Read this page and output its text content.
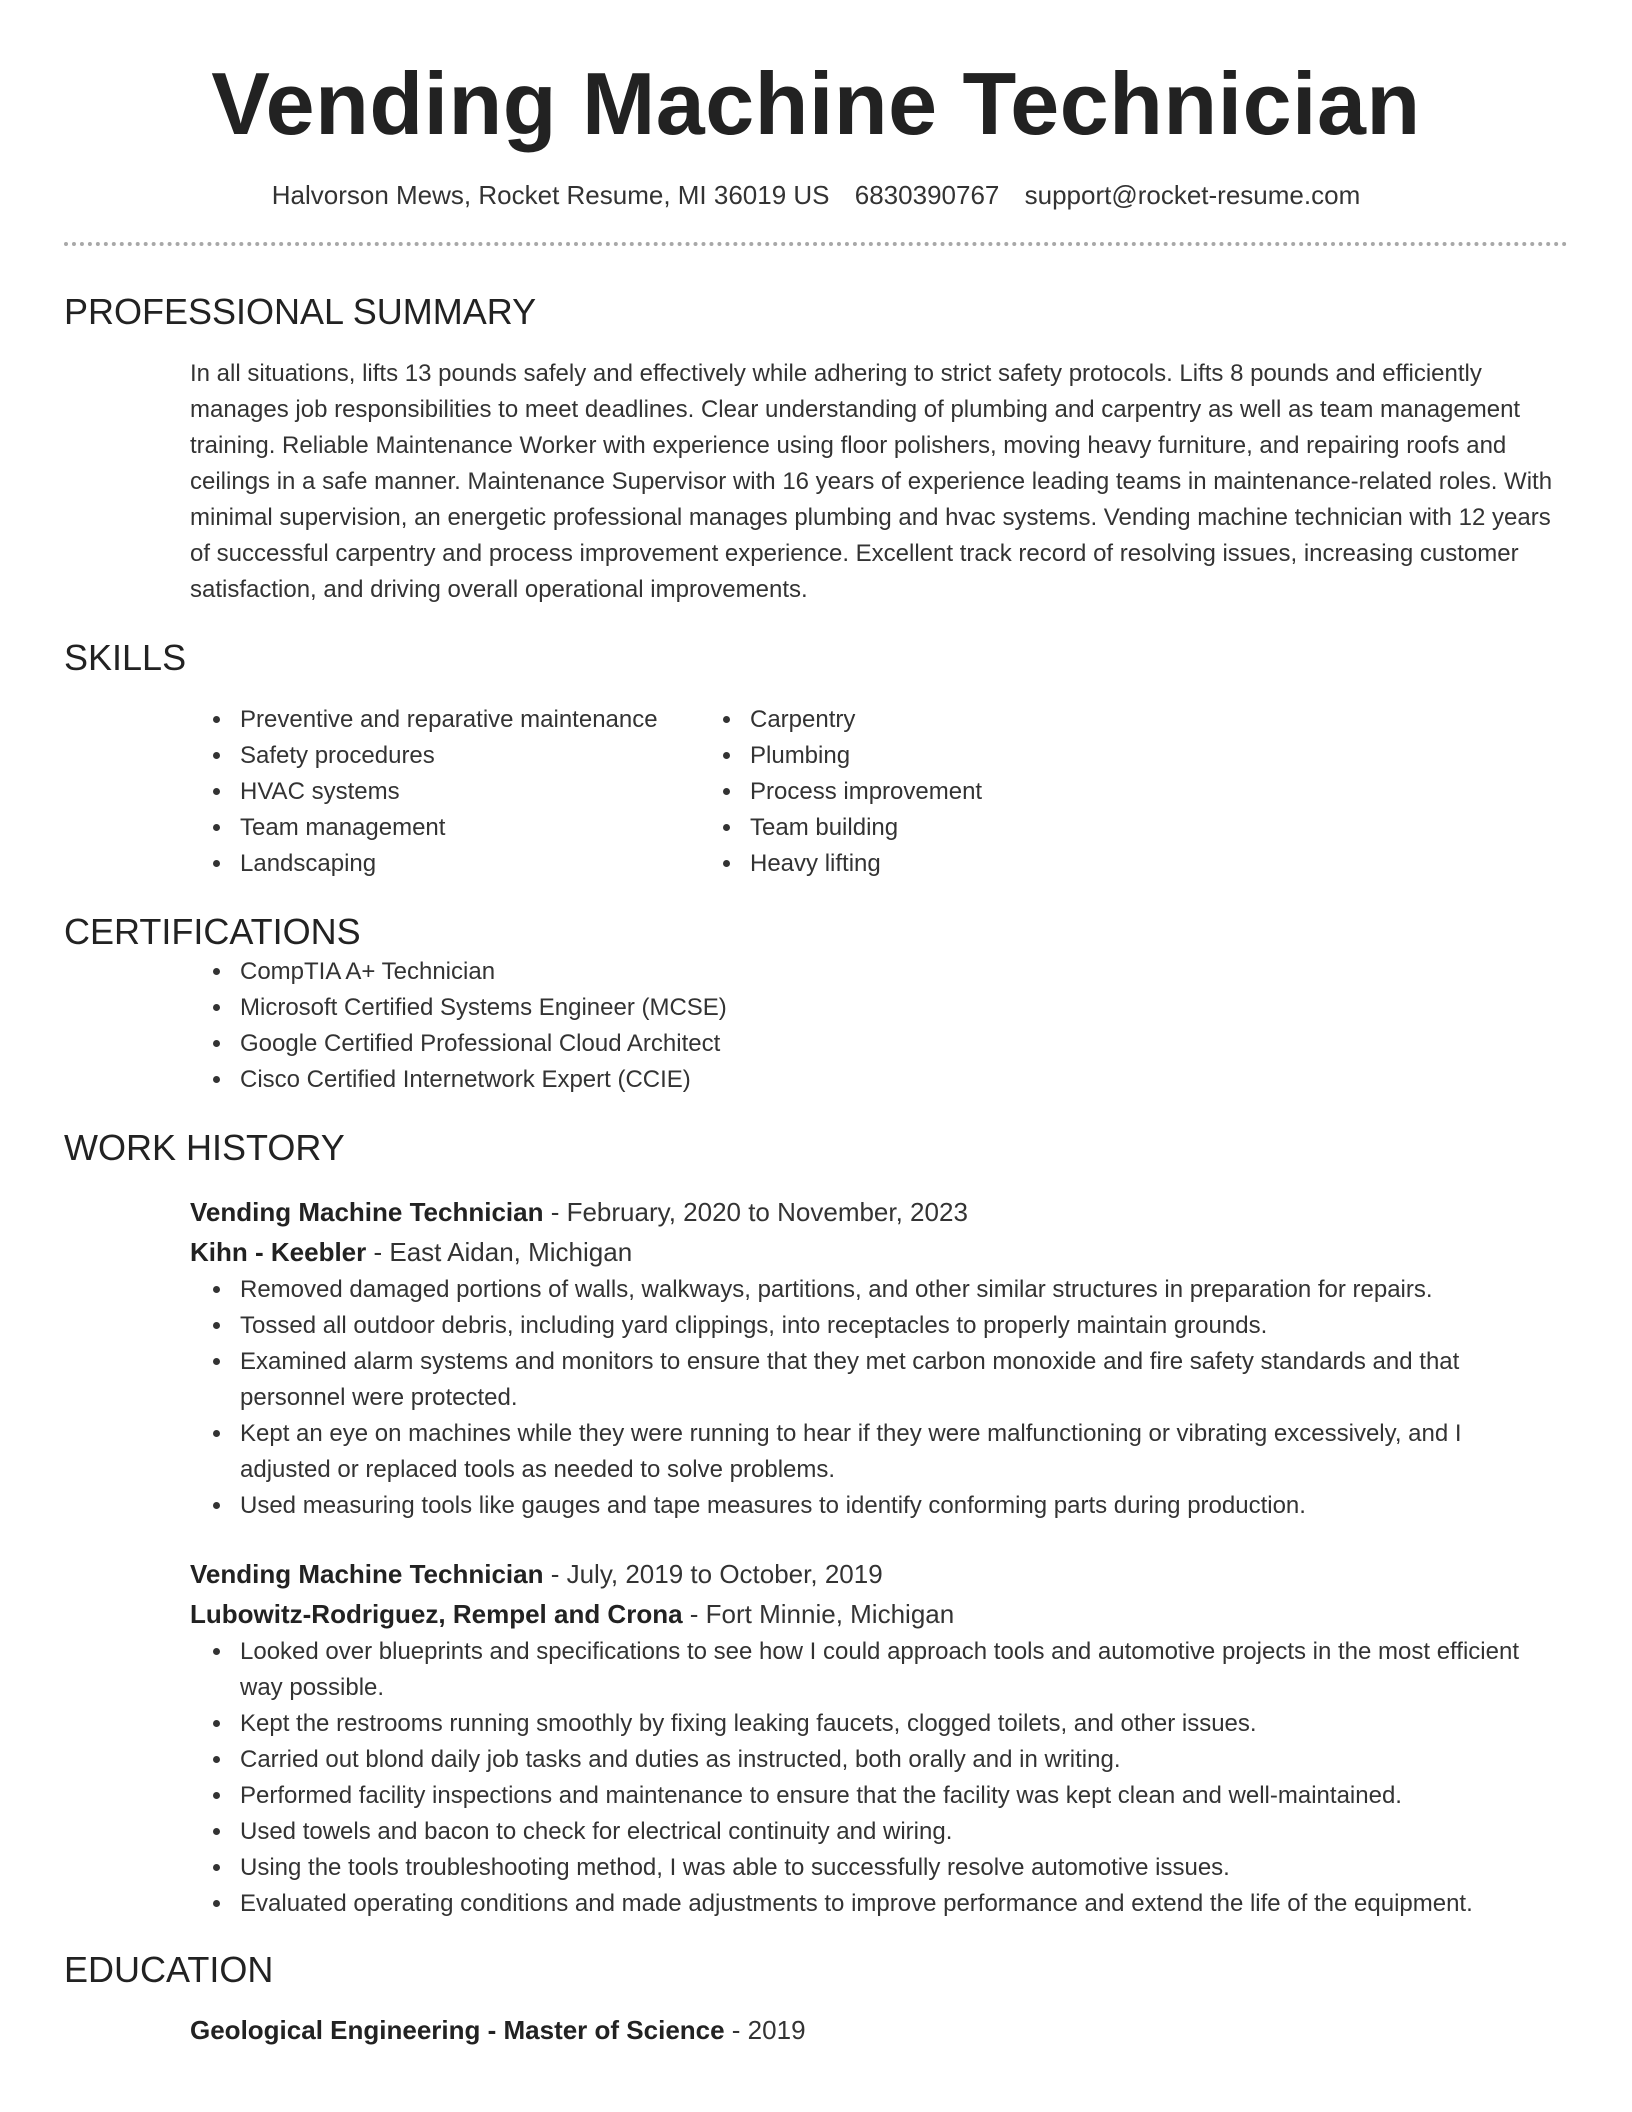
Vending Machine Technician
Halvorson Mews, Rocket Resume, MI 36019 US 6830390767 support@rocket-resume.com
PROFESSIONAL SUMMARY

In all situations, lifts 13 pounds safely and effectively while adhering to strict safety protocols. Lifts 8 pounds and efficiently manages job responsibilities to meet deadlines. Clear understanding of plumbing and carpentry as well as team management training. Reliable Maintenance Worker with experience using floor polishers, moving heavy furniture, and repairing roofs and ceilings in a safe manner. Maintenance Supervisor with 16 years of experience leading teams in maintenance-related roles. With minimal supervision, an energetic professional manages plumbing and hvac systems. Vending machine technician with 12 years of successful carpentry and process improvement experience. Excellent track record of resolving issues, increasing customer satisfaction, and driving overall operational improvements.

SKILLS
• Preventive and reparative maintenance
• Safety procedures
• HVAC systems
• Team management
• Landscaping
• Carpentry
• Plumbing
• Process improvement
• Team building
• Heavy lifting
CERTIFICATIONS
• CompTIA A+ Technician
• Microsoft Certified Systems Engineer (MCSE)
• Google Certified Professional Cloud Architect
• Cisco Certified Internetwork Expert (CCIE)
WORK HISTORY
Vending Machine Technician - February, 2020 to November, 2023
Kihn - Keebler - East Aidan, Michigan
• Removed damaged portions of walls, walkways, partitions, and other similar structures in preparation for repairs.
• Tossed all outdoor debris, including yard clippings, into receptacles to properly maintain grounds.
• Examined alarm systems and monitors to ensure that they met carbon monoxide and fire safety standards and that personnel were protected.
• Kept an eye on machines while they were running to hear if they were malfunctioning or vibrating excessively, and I adjusted or replaced tools as needed to solve problems.
• Used measuring tools like gauges and tape measures to identify conforming parts during production.
Vending Machine Technician - July, 2019 to October, 2019
Lubowitz-Rodriguez, Rempel and Crona - Fort Minnie, Michigan
• Looked over blueprints and specifications to see how I could approach tools and automotive projects in the most efficient way possible.
• Kept the restrooms running smoothly by fixing leaking faucets, clogged toilets, and other issues.
• Carried out blond daily job tasks and duties as instructed, both orally and in writing.
• Performed facility inspections and maintenance to ensure that the facility was kept clean and well-maintained.
• Used towels and bacon to check for electrical continuity and wiring.
• Using the tools troubleshooting method, I was able to successfully resolve automotive issues.
• Evaluated operating conditions and made adjustments to improve performance and extend the life of the equipment.
EDUCATION
Geological Engineering - Master of Science - 2019
